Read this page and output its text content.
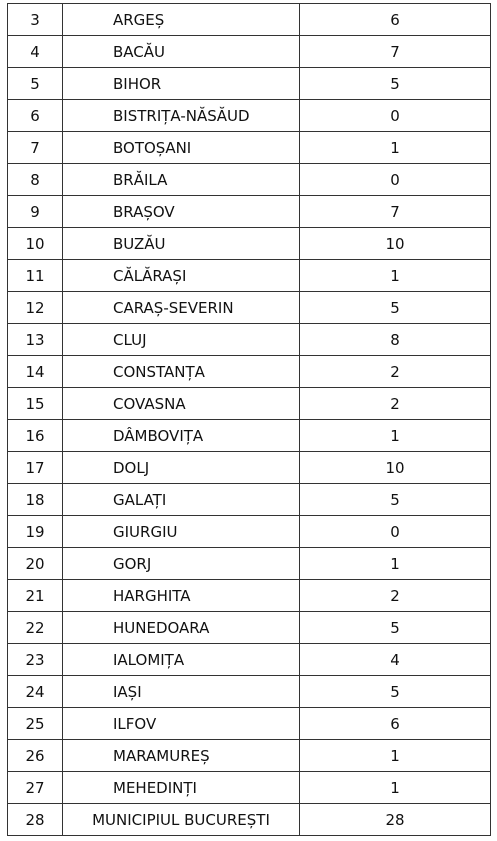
3	ARGEȘ	6
4	BACĂU	7
5	BIHOR	5
6	BISTRIȚA-NĂSĂUD	0
7	BOTOȘANI	1
8	BRĂILA	0
9	BRAȘOV	7
10	BUZĂU	10
11	CĂLĂRAȘI	1
12	CARAȘ-SEVERIN	5
13	CLUJ	8
14	CONSTANȚA	2
15	COVASNA	2
16	DÂMBOVIȚA	1
17	DOLJ	10
18	GALAȚI	5
19	GIURGIU	0
20	GORJ	1
21	HARGHITA	2
22	HUNEDOARA	5
23	IALOMIȚA	4
24	IAȘI	5
25	ILFOV	6
26	MARAMUREȘ	1
27	MEHEDINȚI	1
28	MUNICIPIUL BUCUREȘTI	28
